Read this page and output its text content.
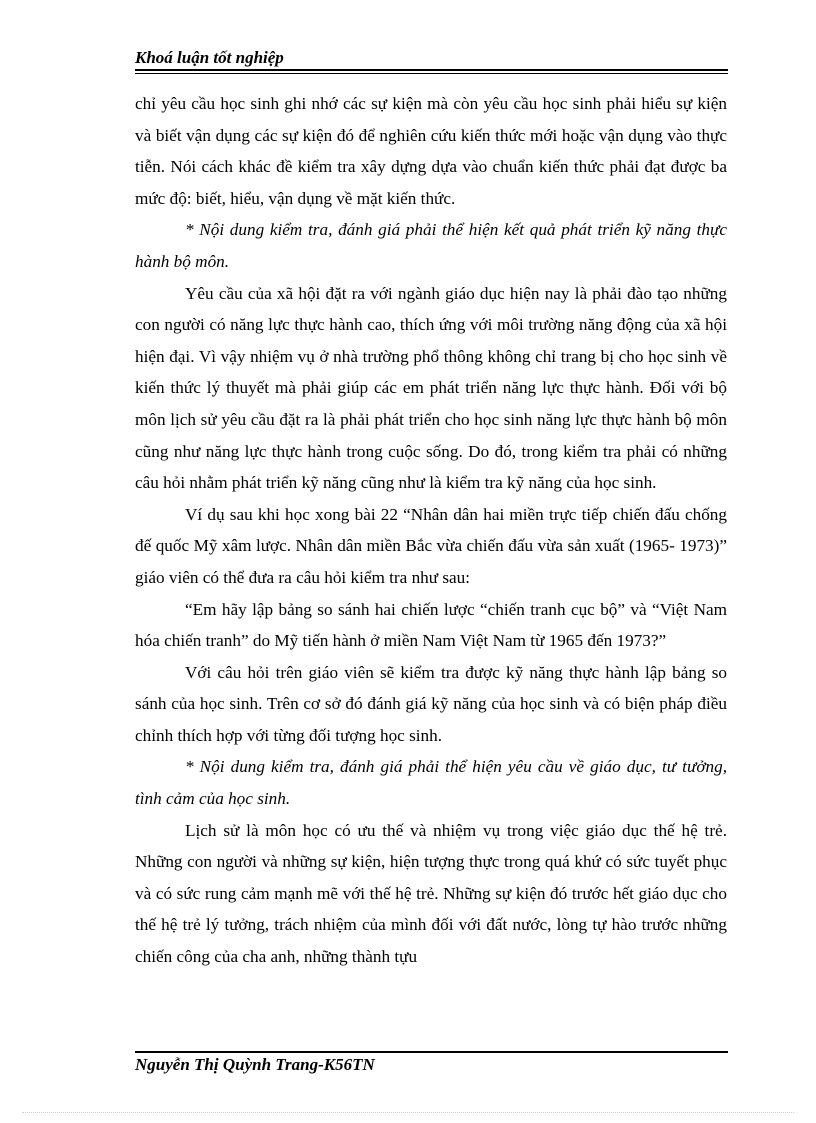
Khoá luận tốt nghiệp

chỉ yêu cầu học sinh ghi nhớ các sự kiện mà còn yêu cầu học sinh phải hiểu sự kiện và biết vận dụng các sự kiện đó để nghiên cứu kiến thức mới hoặc vận dụng vào thực tiễn. Nói cách khác đề kiểm tra xây dựng dựa vào chuẩn kiến thức phải đạt được ba mức độ: biết, hiểu, vận dụng về mặt kiến thức.

* Nội dung kiểm tra, đánh giá phải thể hiện kết quả phát triển kỹ năng thực hành bộ môn.

Yêu cầu của xã hội đặt ra với ngành giáo dục hiện nay là phải đào tạo những con người có năng lực thực hành cao, thích ứng với môi trường năng động của xã hội hiện đại. Vì vậy nhiệm vụ ở nhà trường phổ thông không chỉ trang bị cho học sinh về kiến thức lý thuyết mà phải giúp các em phát triển năng lực thực hành. Đối với bộ môn lịch sử yêu cầu đặt ra là phải phát triển cho học sinh năng lực thực hành bộ môn cũng như năng lực thực hành trong cuộc sống. Do đó, trong kiểm tra phải có những câu hỏi nhằm phát triển kỹ năng cũng như là kiểm tra kỹ năng của học sinh.

Ví dụ sau khi học xong bài 22 “Nhân dân hai miền trực tiếp chiến đấu chống đế quốc Mỹ xâm lược. Nhân dân miền Bắc vừa chiến đấu vừa sản xuất (1965- 1973)” giáo viên có thể đưa ra câu hỏi kiểm tra như sau:

“Em hãy lập bảng so sánh hai chiến lược “chiến tranh cục bộ” và “Việt Nam hóa chiến tranh” do Mỹ tiến hành ở miền Nam Việt Nam từ 1965 đến 1973?”

Với câu hỏi trên giáo viên sẽ kiểm tra được kỹ năng thực hành lập bảng so sánh của học sinh. Trên cơ sở đó đánh giá kỹ năng của học sinh và có biện pháp điều chỉnh thích hợp với từng đối tượng học sinh.

* Nội dung kiểm tra, đánh giá phải thể hiện yêu cầu về giáo dục, tư tưởng, tình cảm của học sinh.

Lịch sử là môn học có ưu thế và nhiệm vụ trong việc giáo dục thế hệ trẻ. Những con người và những sự kiện, hiện tượng thực trong quá khứ có sức tuyết phục và có sức rung cảm mạnh mẽ với thế hệ trẻ. Những sự kiện đó trước hết giáo dục cho thế hệ trẻ lý tưởng, trách nhiệm của mình đối với đất nước, lòng tự hào trước những chiến công của cha anh, những thành tựu

Nguyễn Thị Quỳnh Trang-K56TN
